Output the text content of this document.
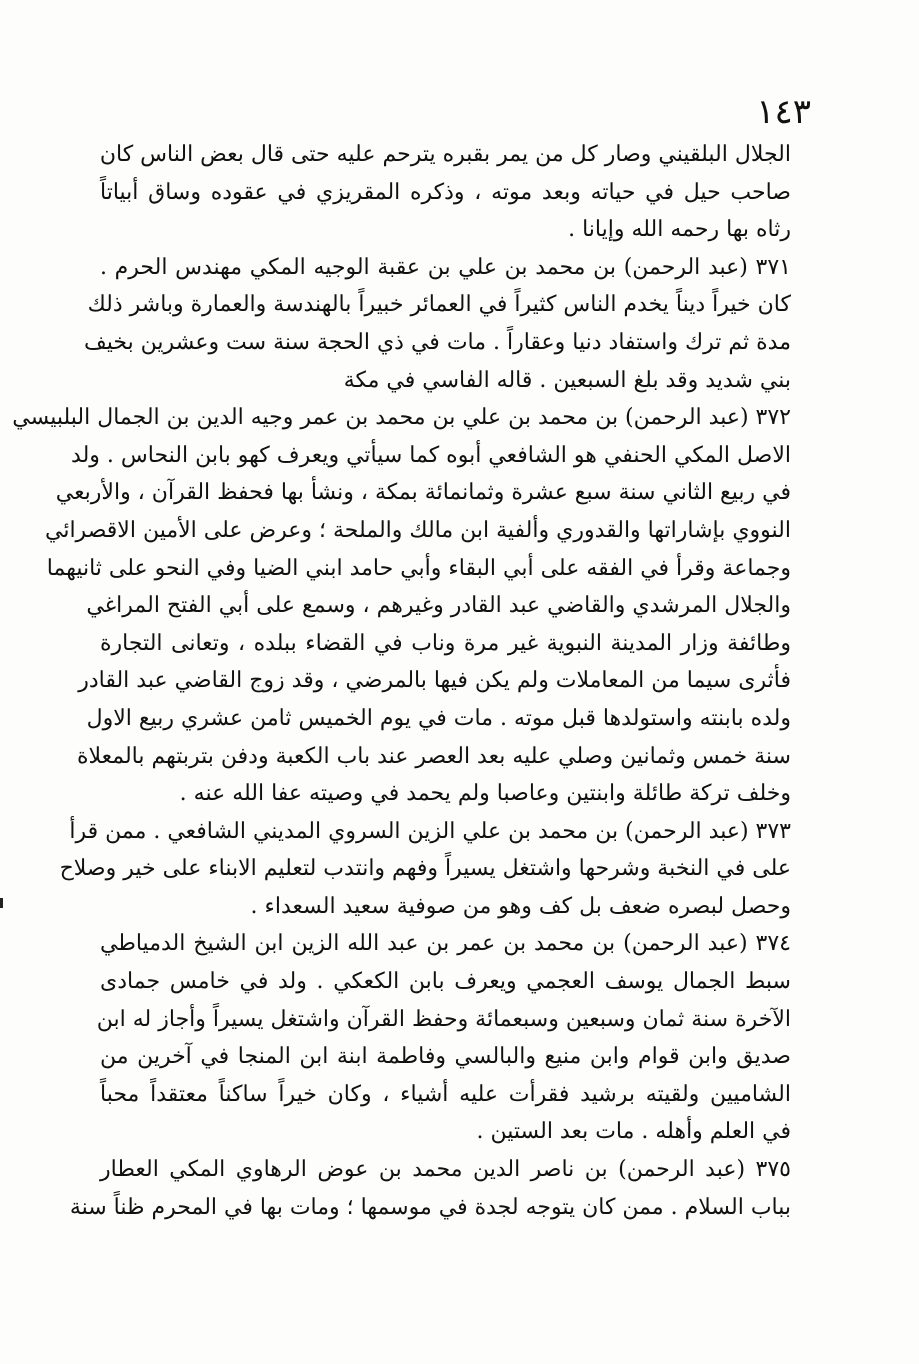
١٤٣
الجلال البلقيني وصار كل من يمر بقبره يترحم عليه حتى قال بعض الناس كان
صاحب حيل في حياته وبعد موته ، وذكره المقريزي في عقوده وساق أبياتاً
رثاه بها رحمه الله وإيانا .
٣٧١ (عبد الرحمن) بن محمد بن علي بن عقبة الوجيه المكي مهندس الحرم .
كان خيراً ديناً يخدم الناس كثيراً في العمائر خبيراً بالهندسة والعمارة وباشر ذلك
مدة ثم ترك واستفاد دنيا وعقاراً . مات في ذي الحجة سنة ست وعشرين بخيف
بني شديد وقد بلغ السبعين . قاله الفاسي في مكة
٣٧٢ (عبد الرحمن) بن محمد بن علي بن محمد بن عمر وجيه الدين بن الجمال البلبيسي
الاصل المكي الحنفي هو الشافعي أبوه كما سيأتي ويعرف كهو بابن النحاس . ولد
في ربيع الثاني سنة سبع عشرة وثمانمائة بمكة ، ونشأ بها فحفظ القرآن ، والأربعي
النووي بإشاراتها والقدوري وألفية ابن مالك والملحة ؛ وعرض على الأمين الاقصرائي
وجماعة وقرأ في الفقه على أبي البقاء وأبي حامد ابني الضيا وفي النحو على ثانيهما
والجلال المرشدي والقاضي عبد القادر وغيرهم ، وسمع على أبي الفتح المراغي
وطائفة وزار المدينة النبوية غير مرة وناب في القضاء ببلده ، وتعانى التجارة
فأثرى سيما من المعاملات ولم يكن فيها بالمرضي ، وقد زوج القاضي عبد القادر
ولده بابنته واستولدها قبل موته . مات في يوم الخميس ثامن عشري ربيع الاول
سنة خمس وثمانين وصلي عليه بعد العصر عند باب الكعبة ودفن بتربتهم بالمعلاة
وخلف تركة طائلة وابنتين وعاصبا ولم يحمد في وصيته عفا الله عنه .
٣٧٣ (عبد الرحمن) بن محمد بن علي الزين السروي المديني الشافعي . ممن قرأ
على في النخبة وشرحها واشتغل يسيراً وفهم وانتدب لتعليم الابناء على خير وصلاح
وحصل لبصره ضعف بل كف وهو من صوفية سعيد السعداء .
٣٧٤ (عبد الرحمن) بن محمد بن عمر بن عبد الله الزين ابن الشيخ الدمياطي
سبط الجمال يوسف العجمي ويعرف بابن الكعكي . ولد في خامس جمادى
الآخرة سنة ثمان وسبعين وسبعمائة وحفظ القرآن واشتغل يسيراً وأجاز له ابن
صديق وابن قوام وابن منيع والبالسي وفاطمة ابنة ابن المنجا في آخرين من
الشاميين ولقيته برشيد فقرأت عليه أشياء ، وكان خيراً ساكناً معتقداً محباً
في العلم وأهله . مات بعد الستين .
٣٧٥ (عبد الرحمن) بن ناصر الدين محمد بن عوض الرهاوي المكي العطار
بباب السلام . ممن كان يتوجه لجدة في موسمها ؛ ومات بها في المحرم ظناً سنة
